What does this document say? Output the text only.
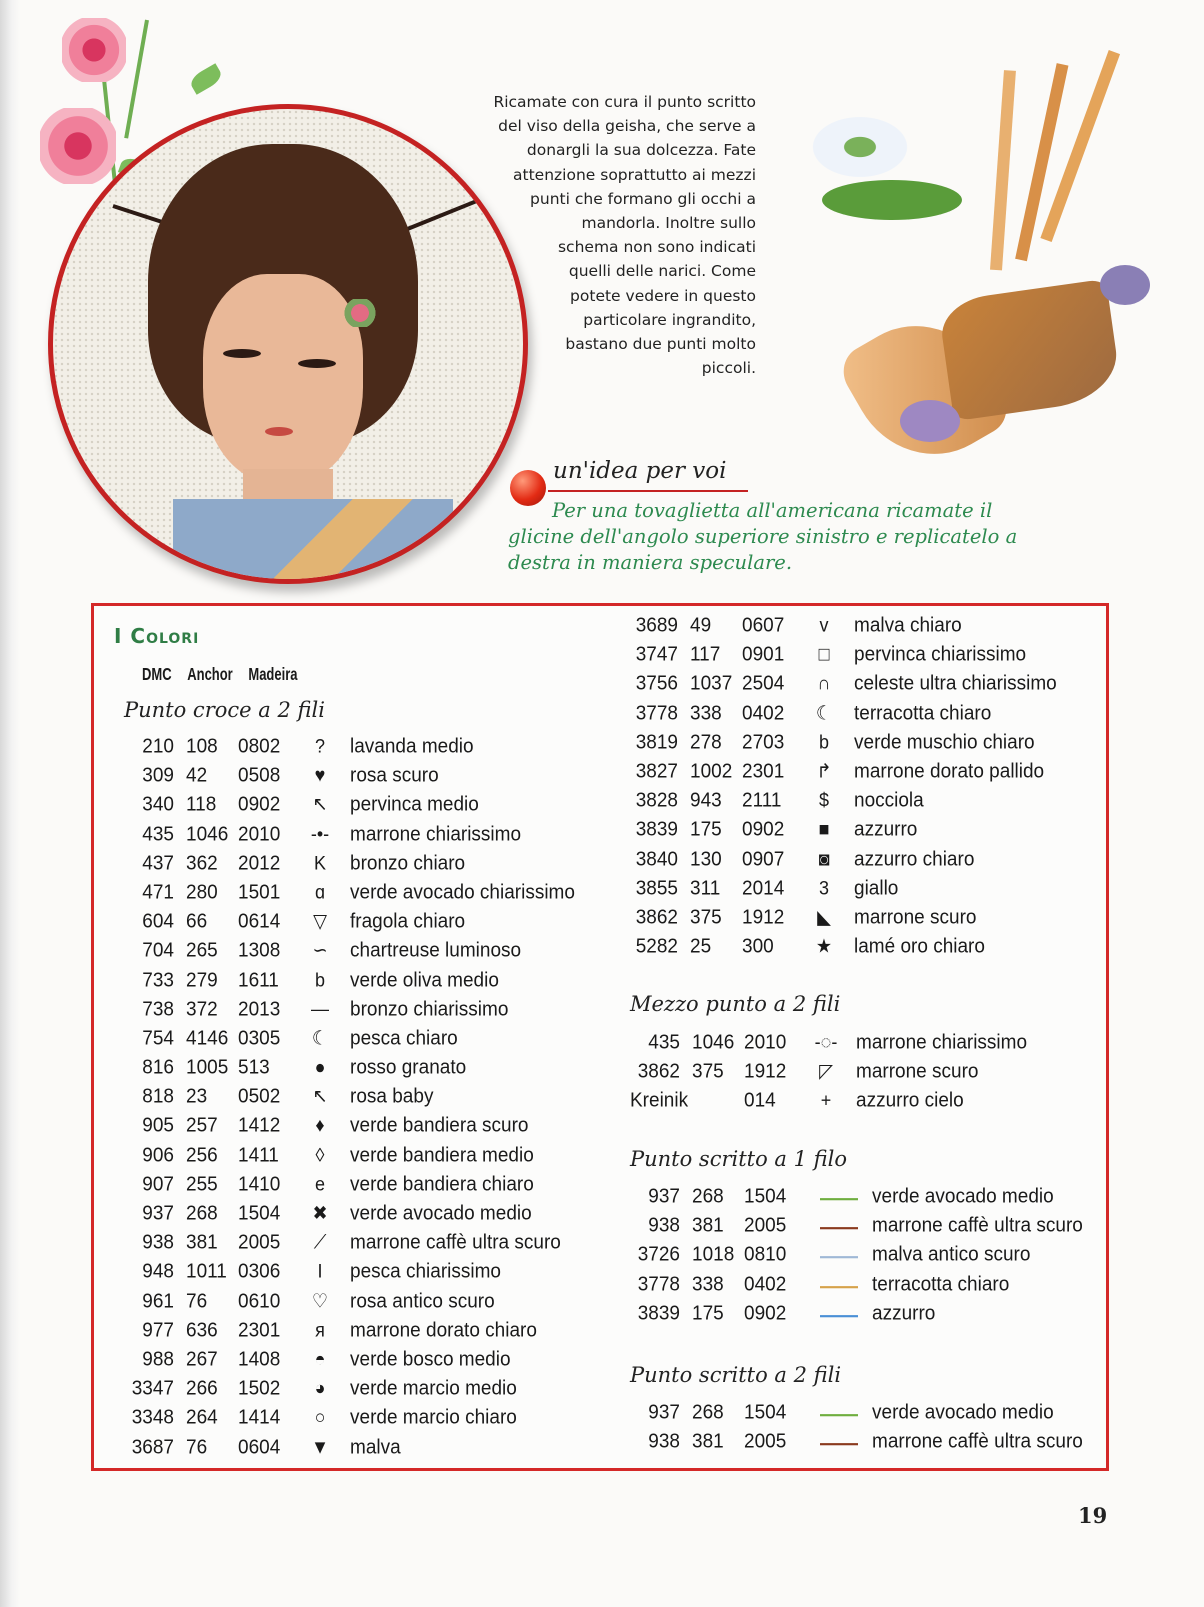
Ricamate con cura il punto scritto
del viso della geisha, che serve a
donargli la sua dolcezza. Fate
attenzione soprattutto ai mezzi
punti che formano gli occhi a
mandorla. Inoltre sullo
schema non sono indicati
quelli delle narici. Come
potete vedere in questo
particolare ingrandito,
bastano due punti molto
piccoli.
un'idea per voi
Per una tovaglietta all'americana ricamate il
glicine dell'angolo superiore sinistro e replicatelo a
destra in maniera speculare.
I Colori
DMC Anchor Madeira
Punto croce a 2 fili
210 108 0802	?	lavanda medio
309 42 0508	♥	rosa scuro
340 118 0902 ↖ pervinca medio
435 1046 2010 -•- marrone chiarissimo
437 362 2012	K	bronzo chiaro
471 280 1501	ɑ	verde avocado chiarissimo
604 66 0614 ▽ fragola chiaro
704 265 1308 ∽ chartreuse luminoso
733 279 1611	b	verde oliva medio
738 372 2013 — bronzo chiarissimo
754 4146 0305 ☾ pesca chiaro
816 1005 513	●	rosso granato
818 23 0502 ↖ rosa baby
905 257 1412	♦	verde bandiera scuro
906 256 1411	◊	verde bandiera medio
907 255 1410	e	verde bandiera chiaro
937 268 1504 ✖ verde avocado medio
938 381 2005	⟋	marrone caffè ultra scuro
948 1011 0306	I	pesca chiarissimo
961 76 0610 ♡ rosa antico scuro
977 636 2301	ᴙ	marrone dorato chiaro
988 267 1408	◓	verde bosco medio
3347 266 1502	◕	verde marcio medio
3348 264 1414	○	verde marcio chiaro
3687 76 0604 ▼ malva
3689 49 0607	v	malva chiaro
3747 117 0901	□	pervinca chiarissimo
3756 1037 2504	∩ celeste ultra chiarissimo
3778 338 0402 ☾ terracotta chiaro
3819 278 2703	b	verde muschio chiaro
3827 1002 2301 ↱ marrone dorato pallido
3828 943 2111	$	nocciola
3839 175 0902	■	azzurro
3840 130 0907	◙	azzurro chiaro
3855 311 2014	3	giallo
3862 375 1912 ◣ marrone scuro
5282 25 300 ★ lamé oro chiaro
Mezzo punto a 2 fili
435 1046 2010 -◌- marrone chiarissimo
3862 375 1912 ◸ marrone scuro
Kreinik	014	+	azzurro cielo
Punto scritto a 1 filo
937 268 1504	verde avocado medio
938 381 2005	marrone caffè ultra scuro
3726 1018 0810	malva antico scuro
3778 338 0402	terracotta chiaro
3839 175 0902	azzurro
Punto scritto a 2 fili
937 268 1504	verde avocado medio
938 381 2005	marrone caffè ultra scuro
19
